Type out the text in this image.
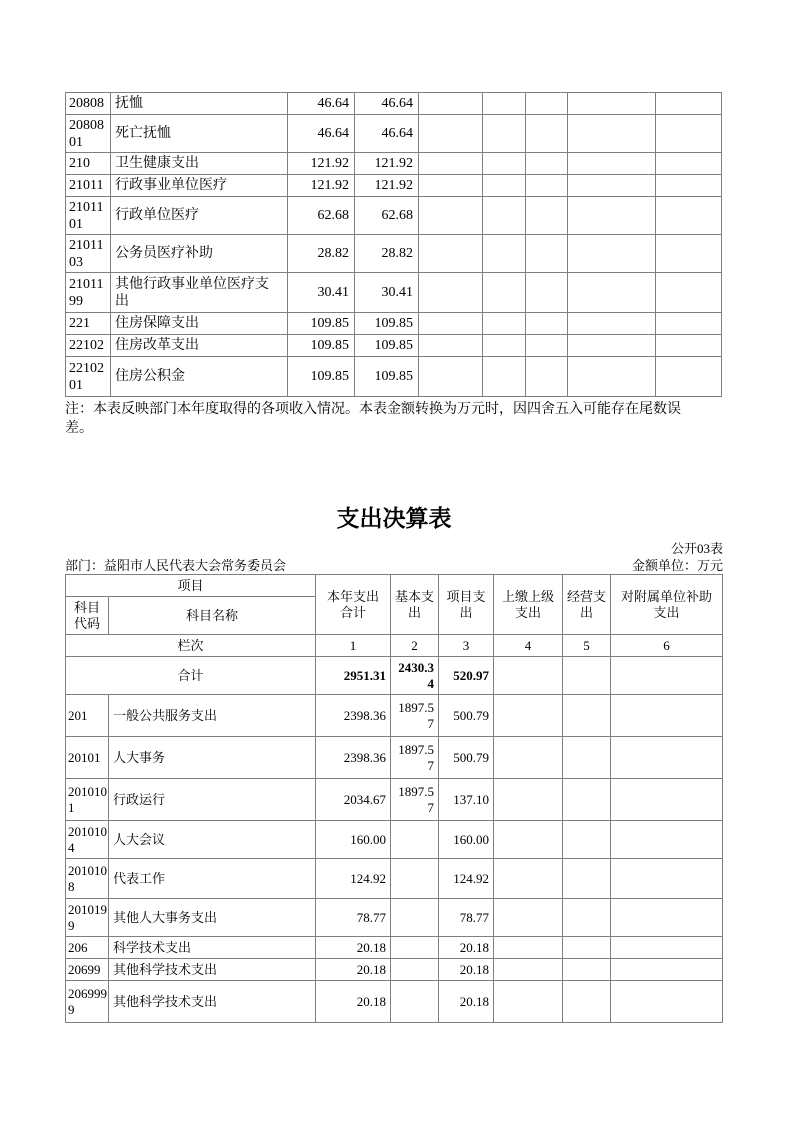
20808	抚恤	46.64	46.64					
2080801	死亡抚恤	46.64	46.64					
210	卫生健康支出	121.92	121.92					
21011	行政事业单位医疗	121.92	121.92					
2101101	行政单位医疗	62.68	62.68					
2101103	公务员医疗补助	28.82	28.82					
2101199	其他行政事业单位医疗支出	30.41	30.41					
221	住房保障支出	109.85	109.85					
22102	住房改革支出	109.85	109.85					
2210201	住房公积金	109.85	109.85					
注：本表反映部门本年度取得的各项收入情况。本表金额转换为万元时，因四舍五入可能存在尾数误差。
支出决算表
公开03表
部门：益阳市人民代表大会常务委员会	金额单位：万元
项目		本年支出合计	基本支出	项目支出	上缴上级支出	经营支出	对附属单位补助支出
科目代码	科目名称						
栏次		1	2	3	4	5	6
合计		2951.31	2430.34	520.97			
201	一般公共服务支出	2398.36	1897.57	500.79			
20101	人大事务	2398.36	1897.57	500.79			
2010101	行政运行	2034.67	1897.57	137.10			
2010104	人大会议	160.00		160.00			
2010108	代表工作	124.92		124.92			
2010199	其他人大事务支出	78.77		78.77			
206	科学技术支出	20.18		20.18			
20699	其他科学技术支出	20.18		20.18			
2069999	其他科学技术支出	20.18		20.18			
